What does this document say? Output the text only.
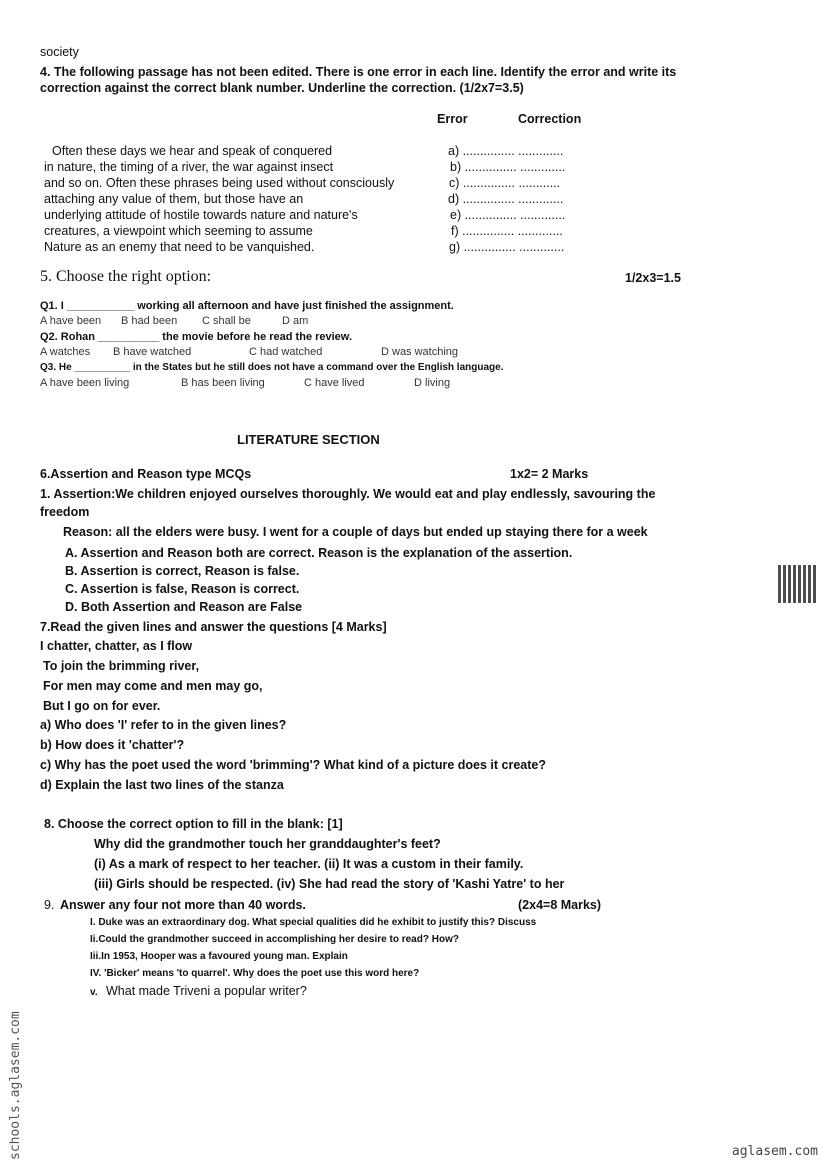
society
4. The following passage has not been edited. There is one error in each line. Identify the error and write its
correction against the correct blank number. Underline the correction. (1/2x7=3.5)
Error	Correction
Often these days we hear and speak of conquered	a) ............... .............
in nature, the timing of a river, the war against insect	b) ............... .............
and so on. Often these phrases being used without consciously	c) ............... ............
attaching any value of them, but those have an	d) ............... .............
underlying attitude of hostile towards nature and nature's	e) ............... .............
creatures, a viewpoint which seeming to assume	f) ............... .............
Nature as an enemy that need to be vanquished.	g) ............... .............
5. Choose the right option:	1/2x3=1.5
Q1. I ___________ working all afternoon and have just finished the assignment.
A have been B had been C shall be	D am
Q2. Rohan __________ the movie before he read the review.
A watches B have watched	C had watched	D was watching
Q3. He __________ in the States but he still does not have a command over the English language.
A have been living	B has been living	C have lived	D living
LITERATURE SECTION
6.Assertion and Reason type MCQs	1x2= 2 Marks
1. Assertion:We children enjoyed ourselves thoroughly. We would eat and play endlessly, savouring the
freedom
Reason: all the elders were busy. I went for a couple of days but ended up staying there for a week
A. Assertion and Reason both are correct. Reason is the explanation of the assertion.
B. Assertion is correct, Reason is false.
C. Assertion is false, Reason is correct.
D. Both Assertion and Reason are False
7.Read the given lines and answer the questions [4 Marks]
I chatter, chatter, as I flow
To join the brimming river,
For men may come and men may go,
But I go on for ever.
a) Who does 'I' refer to in the given lines?
b) How does it 'chatter'?
c) Why has the poet used the word 'brimming'? What kind of a picture does it create?
d) Explain the last two lines of the stanza
8. Choose the correct option to fill in the blank: [1]
Why did the grandmother touch her granddaughter's feet?
(i) As a mark of respect to her teacher. (ii) It was a custom in their family.
(iii) Girls should be respected. (iv) She had read the story of 'Kashi Yatre' to her
9. Answer any four not more than 40 words.	(2x4=8 Marks)
I. Duke was an extraordinary dog. What special qualities did he exhibit to justify this? Discuss
Ii.Could the grandmother succeed in accomplishing her desire to read? How?
Iii.In 1953, Hooper was a favoured young man. Explain
IV. 'Bicker' means 'to quarrel'. Why does the poet use this word here?
v. What made Triveni a popular writer?
schools.aglasem.com	aglasem.com
